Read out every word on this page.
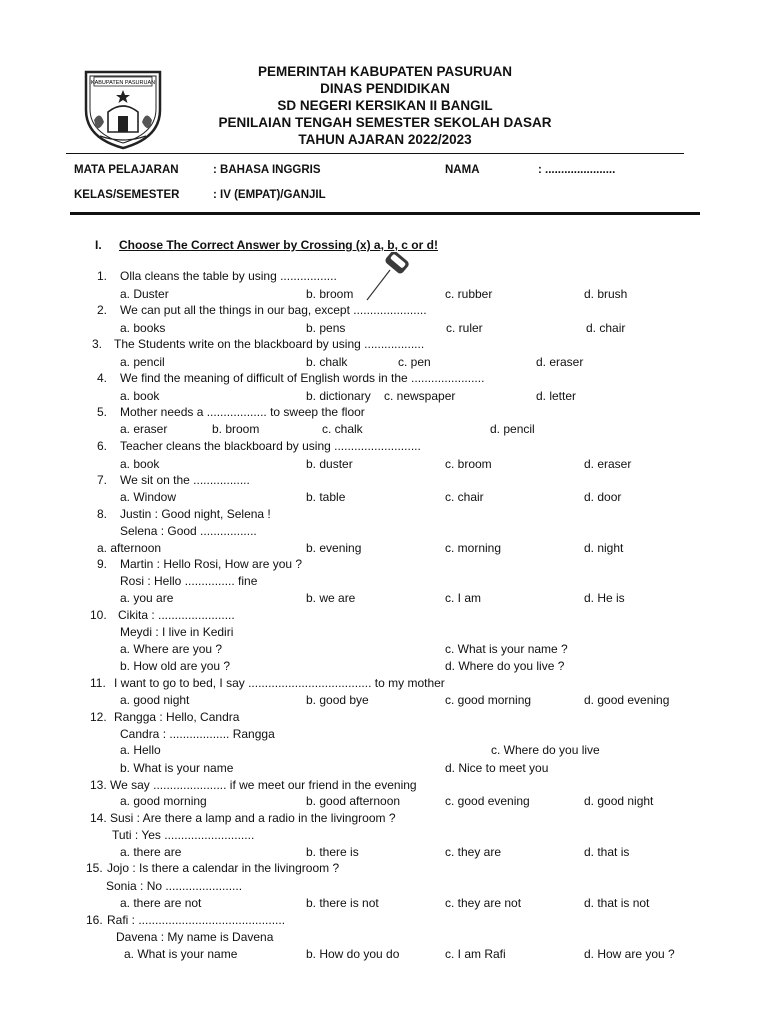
KABUPATEN PASURUAN
PEMERINTAH KABUPATEN PASURUAN
DINAS PENDIDIKAN
SD NEGERI KERSIKAN II BANGIL
PENILAIAN TENGAH SEMESTER SEKOLAH DASAR
TAHUN AJARAN 2022/2023
MATA PELAJARAN	: BAHASA INGGRIS	NAMA	: ......................
KELAS/SEMESTER	: IV (EMPAT)/GANJIL
I. Choose The Correct Answer by Crossing (x) a, b, c or d!
1. Olla cleans the table by using .................
a. Duster	b. broom	c. rubber	d. brush
2. We can put all the things in our bag, except ......................
a. books	b. pens	c. ruler	d. chair
3. The Students write on the blackboard by using ..................
a. pencil	b. chalk	c. pen	d. eraser
4. We find the meaning of difficult of English words in the ......................
a. book	b. dictionary c. newspaper	d. letter
5. Mother needs a .................. to sweep the floor
a. eraser	b. broom	c. chalk	d. pencil
6. Teacher cleans the blackboard by using ..........................
a. book	b. duster	c. broom	d. eraser
7. We sit on the .................
a. Window	b. table	c. chair	d. door
8. Justin : Good night, Selena !
Selena : Good .................
a. afternoon	b. evening	c. morning	d. night
9. Martin : Hello Rosi, How are you ?
Rosi : Hello ............... fine
a. you are	b. we are	c. I am	d. He is
10. Cikita : .......................
Meydi : I live in Kediri
a. Where are you ?	c. What is your name ?
b. How old are you ?	d. Where do you live ?
11. I want to go to bed, I say ..................................... to my mother
a. good night	b. good bye	c. good morning	d. good evening
12. Rangga : Hello, Candra
Candra : .................. Rangga
a. Hello	c. Where do you live
b. What is your name	d. Nice to meet you
13. We say ...................... if we meet our friend in the evening
a. good morning	b. good afternoon	c. good evening	d. good night
14. Susi : Are there a lamp and a radio in the livingroom ?
Tuti : Yes ...........................
a. there are	b. there is	c. they are	d. that is
15. Jojo : Is there a calendar in the livingroom ?
Sonia : No .......................
a. there are not	b. there is not	c. they are not	d. that is not
16. Rafi : ............................................
Davena : My name is Davena
a. What is your name	b. How do you do	c. I am Rafi	d. How are you ?
